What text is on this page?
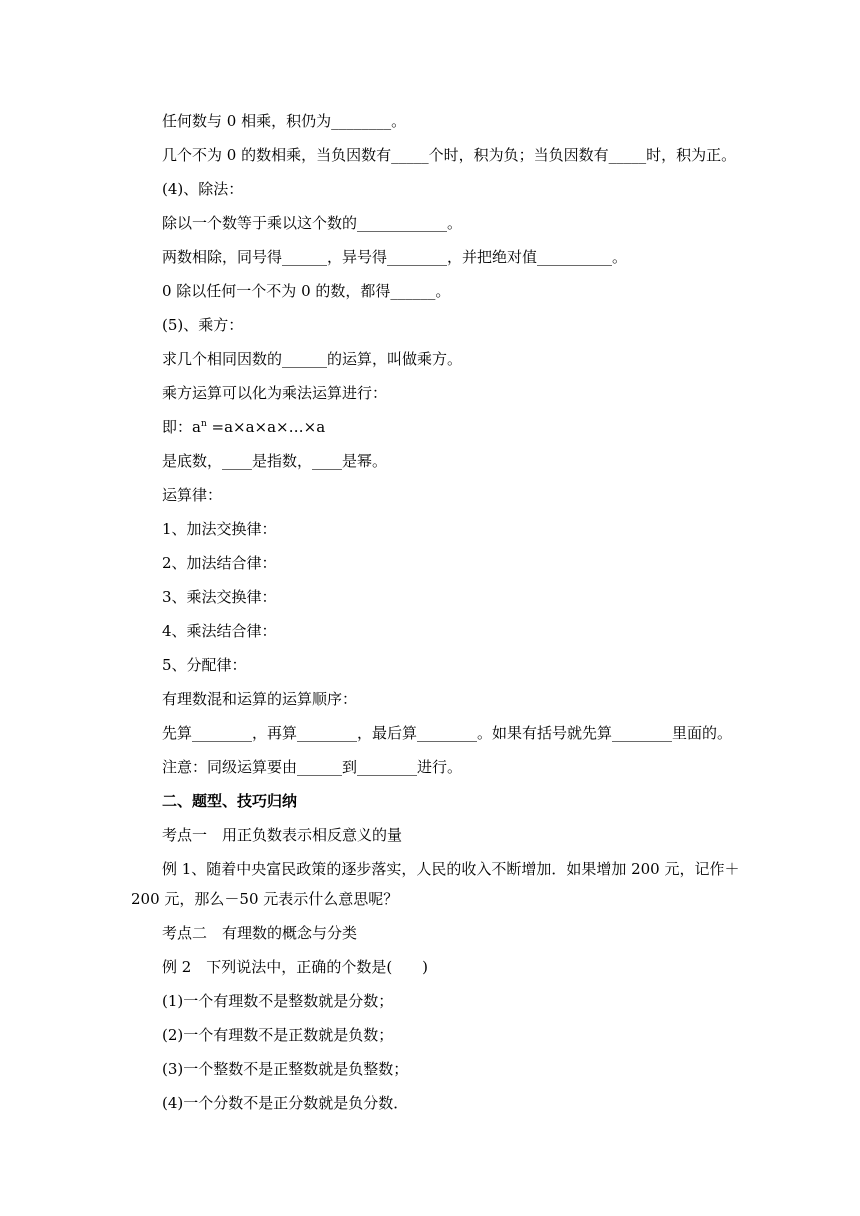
任何数与 0 相乘，积仍为________。
几个不为 0 的数相乘，当负因数有_____个时，积为负；当负因数有_____时，积为正。
(4)、除法：
除以一个数等于乘以这个数的____________。
两数相除，同号得______，异号得________，并把绝对值__________。
0 除以任何一个不为 0 的数，都得______。
(5)、乘方：
求几个相同因数的______的运算，叫做乘方。
乘方运算可以化为乘法运算进行：
即：$a^n$ =a×a×a×…×a
是底数，____是指数，____是幂。
运算律：
1、加法交换律：
2、加法结合律：
3、乘法交换律：
4、乘法结合律：
5、分配律：
有理数混和运算的运算顺序：
先算________，再算________，最后算________。如果有括号就先算________里面的。
注意：同级运算要由______到________进行。
二、题型、技巧归纳
考点一　用正负数表示相反意义的量
例 1、随着中央富民政策的逐步落实，人民的收入不断增加．如果增加 200 元，记作＋
200 元，那么－50 元表示什么意思呢？
考点二　有理数的概念与分类
例 2　下列说法中，正确的个数是(　　)
(1)一个有理数不是整数就是分数；
(2)一个有理数不是正数就是负数；
(3)一个整数不是正整数就是负整数；
(4)一个分数不是正分数就是负分数．
